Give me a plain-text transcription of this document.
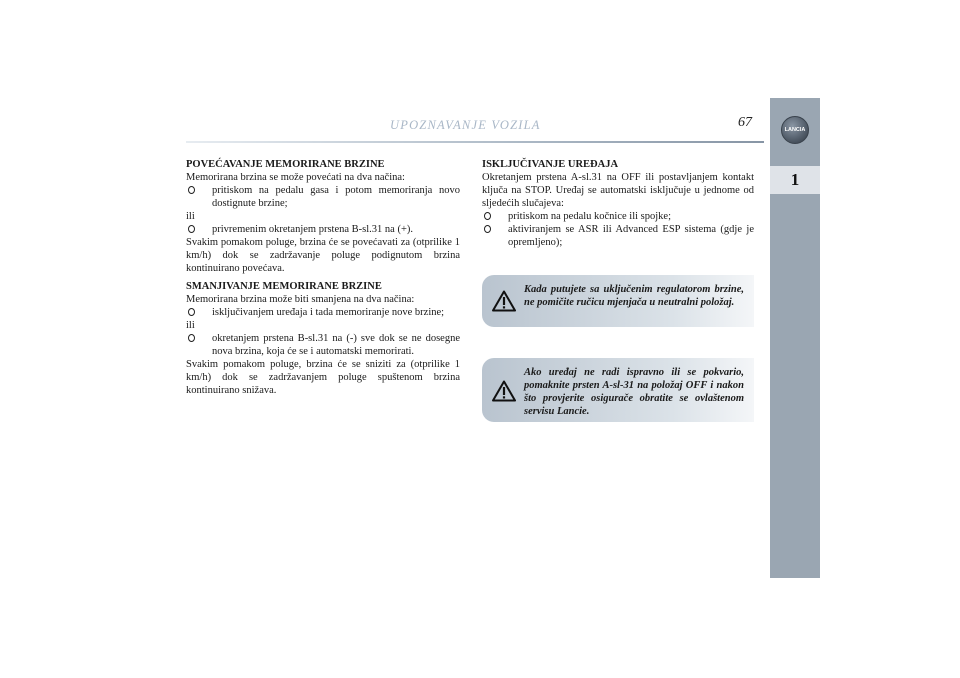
UPOZNAVANJE VOZILA	67	LANCIA
1

POVEĆAVANJE MEMORIRANE BRZINE

Memorirana brzina se može povećati na dva načina:

pritiskom na pedalu gasa i potom memoriranja novo dostignute brzine;

ili

privremenim okretanjem prstena B-sl.31 na (+).

Svakim pomakom poluge, brzina će se povećavati za (otprilike 1 km/h) dok se zadržavanje poluge podignutom brzina kontinuirano povećava.

SMANJIVANJE MEMORIRANE BRZINE

Memorirana brzina može biti smanjena na dva načina:

isključivanjem uređaja i tada memoriranje nove brzine;

ili

okretanjem prstena B-sl.31 na (-) sve dok se ne dosegne nova brzina, koja će se i automatski memorirati.

Svakim pomakom poluge, brzina će se sniziti za (otprilike 1 km/h) dok se zadržavanjem poluge spuštenom brzina kontinuirano snižava.

ISKLJUČIVANJE UREĐAJA

Okretanjem prstena A-sl.31 na OFF ili postavljanjem kontakt ključa na STOP. Uređaj se automatski isključuje u jednome od sljedećih slučajeva:

pritiskom na pedalu kočnice ili spojke;
aktiviranjem se ASR ili Advanced ESP sistema (gdje je opremljeno);

Kada putujete sa uključenim regulatorom brzine, ne pomičite ručicu mjenjača u neutralni položaj.

Ako uređaj ne radi ispravno ili se pokvario, pomaknite prsten A-sl-31 na položaj OFF i nakon što provjerite osigurače obratite se ovlaštenom servisu Lancie.
